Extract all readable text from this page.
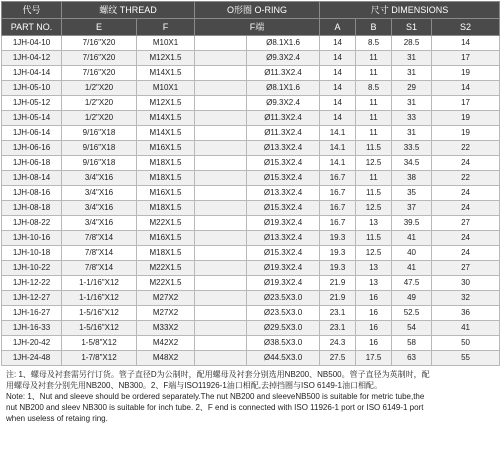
代号	螺纹 THREAD		O形圈 O-RING		尺寸 DIMENSIONS			
PART NO.	E	F	F端		A	B	S1	S2
1JH-04-10	7/16"X20	M10X1		Ø8.1X1.6	14	8.5	28.5	14
1JH-04-12	7/16"X20	M12X1.5		Ø9.3X2.4	14	11	31	17
1JH-04-14	7/16"X20	M14X1.5		Ø11.3X2.4	14	11	31	19
1JH-05-10	1/2"X20	M10X1		Ø8.1X1.6	14	8.5	29	14
1JH-05-12	1/2"X20	M12X1.5		Ø9.3X2.4	14	11	31	17
1JH-05-14	1/2"X20	M14X1.5		Ø11.3X2.4	14	11	33	19
1JH-06-14	9/16"X18	M14X1.5		Ø11.3X2.4	14.1	11	31	19
1JH-06-16	9/16"X18	M16X1.5		Ø13.3X2.4	14.1	11.5	33.5	22
1JH-06-18	9/16"X18	M18X1.5		Ø15.3X2.4	14.1	12.5	34.5	24
1JH-08-14	3/4"X16	M18X1.5		Ø15.3X2.4	16.7	11	38	22
1JH-08-16	3/4"X16	M16X1.5		Ø13.3X2.4	16.7	11.5	35	24
1JH-08-18	3/4"X16	M18X1.5		Ø15.3X2.4	16.7	12.5	37	24
1JH-08-22	3/4"X16	M22X1.5		Ø19.3X2.4	16.7	13	39.5	27
1JH-10-16	7/8"X14	M16X1.5		Ø13.3X2.4	19.3	11.5	41	24
1JH-10-18	7/8"X14	M18X1.5		Ø15.3X2.4	19.3	12.5	40	24
1JH-10-22	7/8"X14	M22X1.5		Ø19.3X2.4	19.3	13	41	27
1JH-12-22	1-1/16"X12	M22X1.5		Ø19.3X2.4	21.9	13	47.5	30
1JH-12-27	1-1/16"X12	M27X2		Ø23.5X3.0	21.9	16	49	32
1JH-16-27	1-5/16"X12	M27X2		Ø23.5X3.0	23.1	16	52.5	36
1JH-16-33	1-5/16"X12	M33X2		Ø29.5X3.0	23.1	16	54	41
1JH-20-42	1-5/8"X12	M42X2		Ø38.5X3.0	24.3	16	58	50
1JH-24-48	1-7/8"X12	M48X2		Ø44.5X3.0	27.5	17.5	63	55
注: 1、螺母及衬套需另行订货。管子直径D为公制时，配用螺母及衬套分别选用NB200、NB500。管子直径为英制时，配
用螺母及衬套分别先用NB200、NB300。2、F端与ISO11926-1油口相配,去掉挡圈与ISO 6149-1油口相配。
Note: 1、Nut and sleeve should be ordered separately.The nut NB200 and sleeveNB500 is suitable for metric tube,the
nut NB200 and sleev NB300 is suitable for inch tube. 2、F end is connected with ISO 11926-1 port or ISO 6149-1 port
when useless of retaing ring.
